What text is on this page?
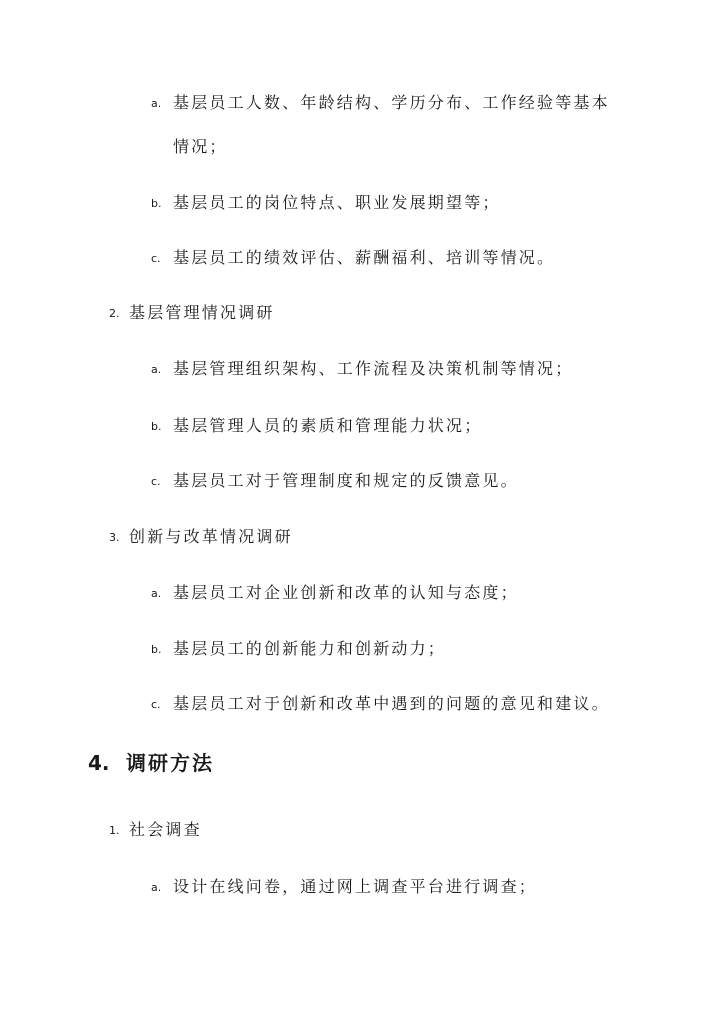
a. 基层员工人数、年龄结构、学历分布、工作经验等基本
情况；
b. 基层员工的岗位特点、职业发展期望等；
c. 基层员工的绩效评估、薪酬福利、培训等情况。
2. 基层管理情况调研
a. 基层管理组织架构、工作流程及决策机制等情况；
b. 基层管理人员的素质和管理能力状况；
c. 基层员工对于管理制度和规定的反馈意见。
3. 创新与改革情况调研
a. 基层员工对企业创新和改革的认知与态度；
b. 基层员工的创新能力和创新动力；
c. 基层员工对于创新和改革中遇到的问题的意见和建议。
4. 调研方法
1. 社会调查
a. 设计在线问卷，通过网上调查平台进行调查；
